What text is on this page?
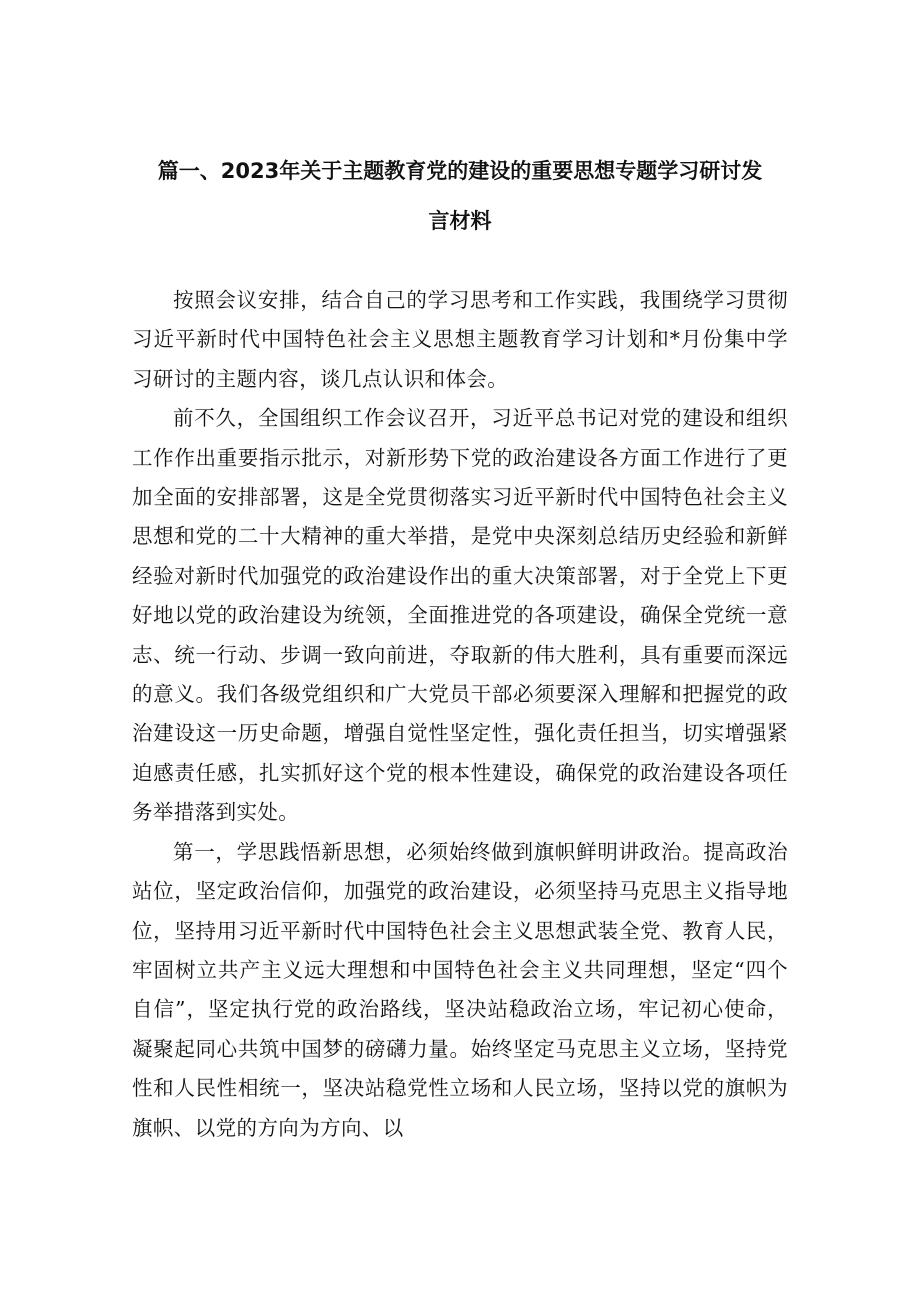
篇一、2023年关于主题教育党的建设的重要思想专题学习研讨发
言材料

按照会议安排，结合自己的学习思考和工作实践，我围绕学习贯彻习近平新时代中国特色社会主义思想主题教育学习计划和*月份集中学习研讨的主题内容，谈几点认识和体会。

前不久，全国组织工作会议召开，习近平总书记对党的建设和组织工作作出重要指示批示，对新形势下党的政治建设各方面工作进行了更加全面的安排部署，这是全党贯彻落实习近平新时代中国特色社会主义思想和党的二十大精神的重大举措，是党中央深刻总结历史经验和新鲜经验对新时代加强党的政治建设作出的重大决策部署，对于全党上下更好地以党的政治建设为统领，全面推进党的各项建设，确保全党统一意志、统一行动、步调一致向前进，夺取新的伟大胜利，具有重要而深远的意义。我们各级党组织和广大党员干部必须要深入理解和把握党的政治建设这一历史命题，增强自觉性坚定性，强化责任担当，切实增强紧迫感责任感，扎实抓好这个党的根本性建设，确保党的政治建设各项任务举措落到实处。

第一，学思践悟新思想，必须始终做到旗帜鲜明讲政治。提高政治站位，坚定政治信仰，加强党的政治建设，必须坚持马克思主义指导地位，坚持用习近平新时代中国特色社会主义思想武装全党、教育人民，牢固树立共产主义远大理想和中国特色社会主义共同理想，坚定“四个自信”，坚定执行党的政治路线，坚决站稳政治立场，牢记初心使命，凝聚起同心共筑中国梦的磅礴力量。始终坚定马克思主义立场，坚持党性和人民性相统一，坚决站稳党性立场和人民立场，坚持以党的旗帜为旗帜、以党的方向为方向、以
